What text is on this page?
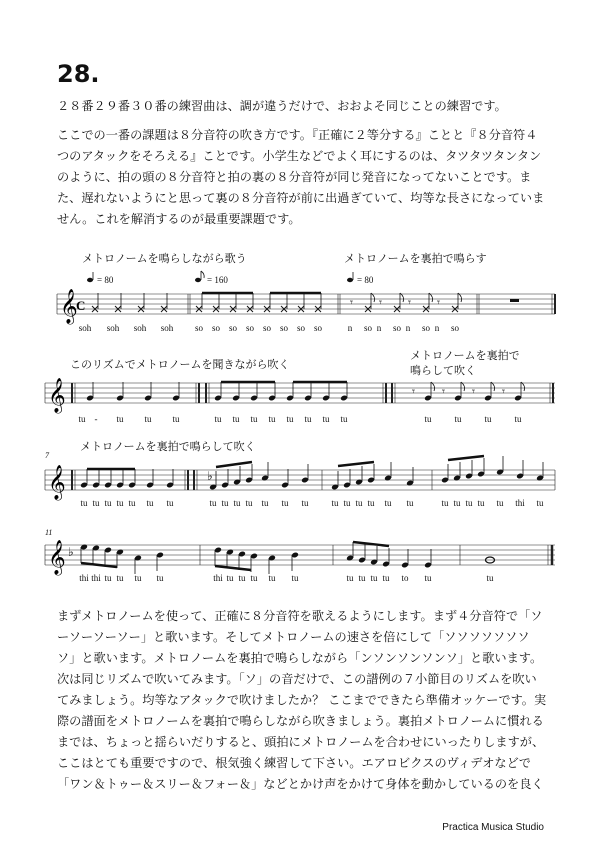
28.
２８番２９番３０番の練習曲は、調が違うだけで、おおよそ同じことの練習です。
ここでの一番の課題は８分音符の吹き方です。『正確に２等分する』ことと『８分音符４
つのアタックをそろえる』ことです。小学生などでよく耳にするのは、タツタツタンタン
のように、拍の頭の８分音符と拍の裏の８分音符が同じ発音になってないことです。ま
た、遅れないようにと思って裏の８分音符が前に出過ぎていて、均等な長さになっていま
せん。これを解消するのが最重要課題です。
メトロノームを鳴らしながら歌う	メトロノームを裏拍で鳴らす
= 80	= 160	= 80
𝄞
C	𝄾 𝄾 𝄾 𝄾
soh soh soh soh so so so so so so so so	n so n so n so n so
このリズムでメトロノームを聞きながら吹く
メトロノームを裏拍で
鳴らして吹く
𝄞	𝄾 𝄾 𝄾 𝄾
tu - tu tu tu	tu tu tu tu tu tu tu tu	tu	tu	tu	tu
7
メトロノームを裏拍で鳴らして吹く
𝄞	♭
tu tu tu tu tu tu tu	tu tu tu tu tu tu tu	tu tu tu tu tu tu	tu tu tu tu tu thi tu
11
𝄞 ♭
thi thi tu tu tu tu	thi tu tu tu tu tu	tu tu tu tu to tu	tu
まずメトロノームを使って、正確に８分音符を歌えるようにします。まず４分音符で「ソ
ーソーソーソー」と歌います。そしてメトロノームの速さを倍にして「ソソソソソソソ
ソ」と歌います。メトロノームを裏拍で鳴らしながら「ンソンソンソンソ」と歌います。
次は同じリズムで吹いてみます。「ソ」の音だけで、この譜例の７小節目のリズムを吹い
てみましょう。均等なアタックで吹けましたか？ ここまでできたら準備オッケーです。実
際の譜面をメトロノームを裏拍で鳴らしながら吹きましょう。裏拍メトロノームに慣れる
までは、ちょっと揺らいだりすると、頭拍にメトロノームを合わせにいったりしますが、
ここはとても重要ですので、根気強く練習して下さい。エアロビクスのヴィデオなどで
「ワン＆トゥー＆スリー＆フォー＆」などとかけ声をかけて身体を動かしているのを良く
Practica Musica Studio
